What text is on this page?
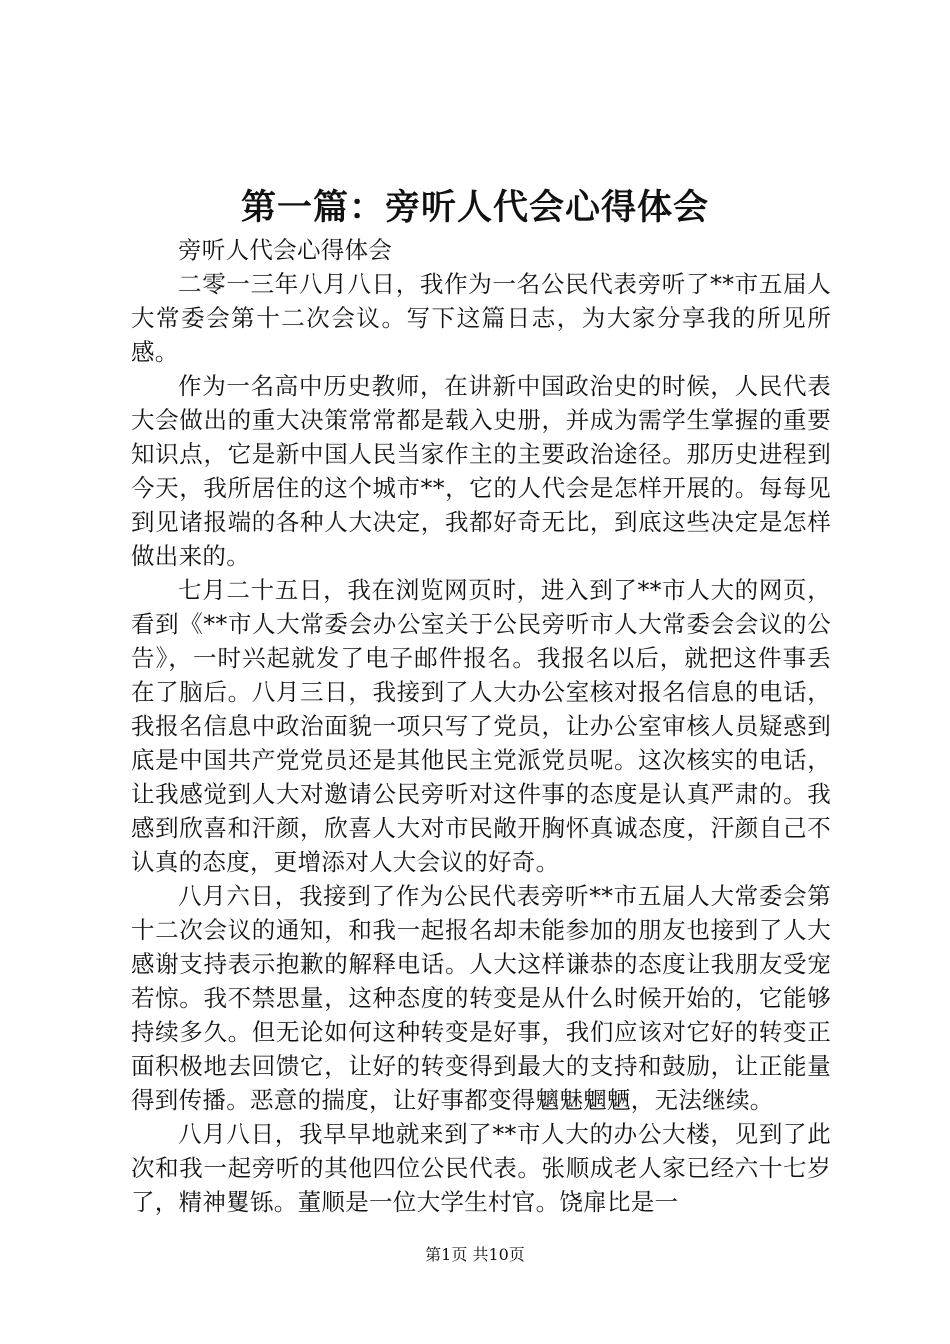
第一篇：旁听人代会心得体会

旁听人代会心得体会

二零一三年八月八日，我作为一名公民代表旁听了**市五届人大常委会第十二次会议。写下这篇日志，为大家分享我的所见所感。

作为一名高中历史教师，在讲新中国政治史的时候，人民代表大会做出的重大决策常常都是载入史册，并成为需学生掌握的重要知识点，它是新中国人民当家作主的主要政治途径。那历史进程到今天，我所居住的这个城市**，它的人代会是怎样开展的。每每见到见诸报端的各种人大决定，我都好奇无比，到底这些决定是怎样做出来的。

七月二十五日，我在浏览网页时，进入到了**市人大的网页，看到《**市人大常委会办公室关于公民旁听市人大常委会会议的公告》，一时兴起就发了电子邮件报名。我报名以后，就把这件事丢在了脑后。八月三日，我接到了人大办公室核对报名信息的电话，我报名信息中政治面貌一项只写了党员，让办公室审核人员疑惑到底是中国共产党党员还是其他民主党派党员呢。这次核实的电话，让我感觉到人大对邀请公民旁听对这件事的态度是认真严肃的。我感到欣喜和汗颜，欣喜人大对市民敞开胸怀真诚态度，汗颜自己不认真的态度，更增添对人大会议的好奇。

八月六日，我接到了作为公民代表旁听**市五届人大常委会第十二次会议的通知，和我一起报名却未能参加的朋友也接到了人大感谢支持表示抱歉的解释电话。人大这样谦恭的态度让我朋友受宠若惊。我不禁思量，这种态度的转变是从什么时候开始的，它能够持续多久。但无论如何这种转变是好事，我们应该对它好的转变正面积极地去回馈它，让好的转变得到最大的支持和鼓励，让正能量得到传播。恶意的揣度，让好事都变得魑魅魍魉，无法继续。

八月八日，我早早地就来到了**市人大的办公大楼，见到了此次和我一起旁听的其他四位公民代表。张顺成老人家已经六十七岁了，精神矍铄。董顺是一位大学生村官。饶扉比是一

第1页 共10页
